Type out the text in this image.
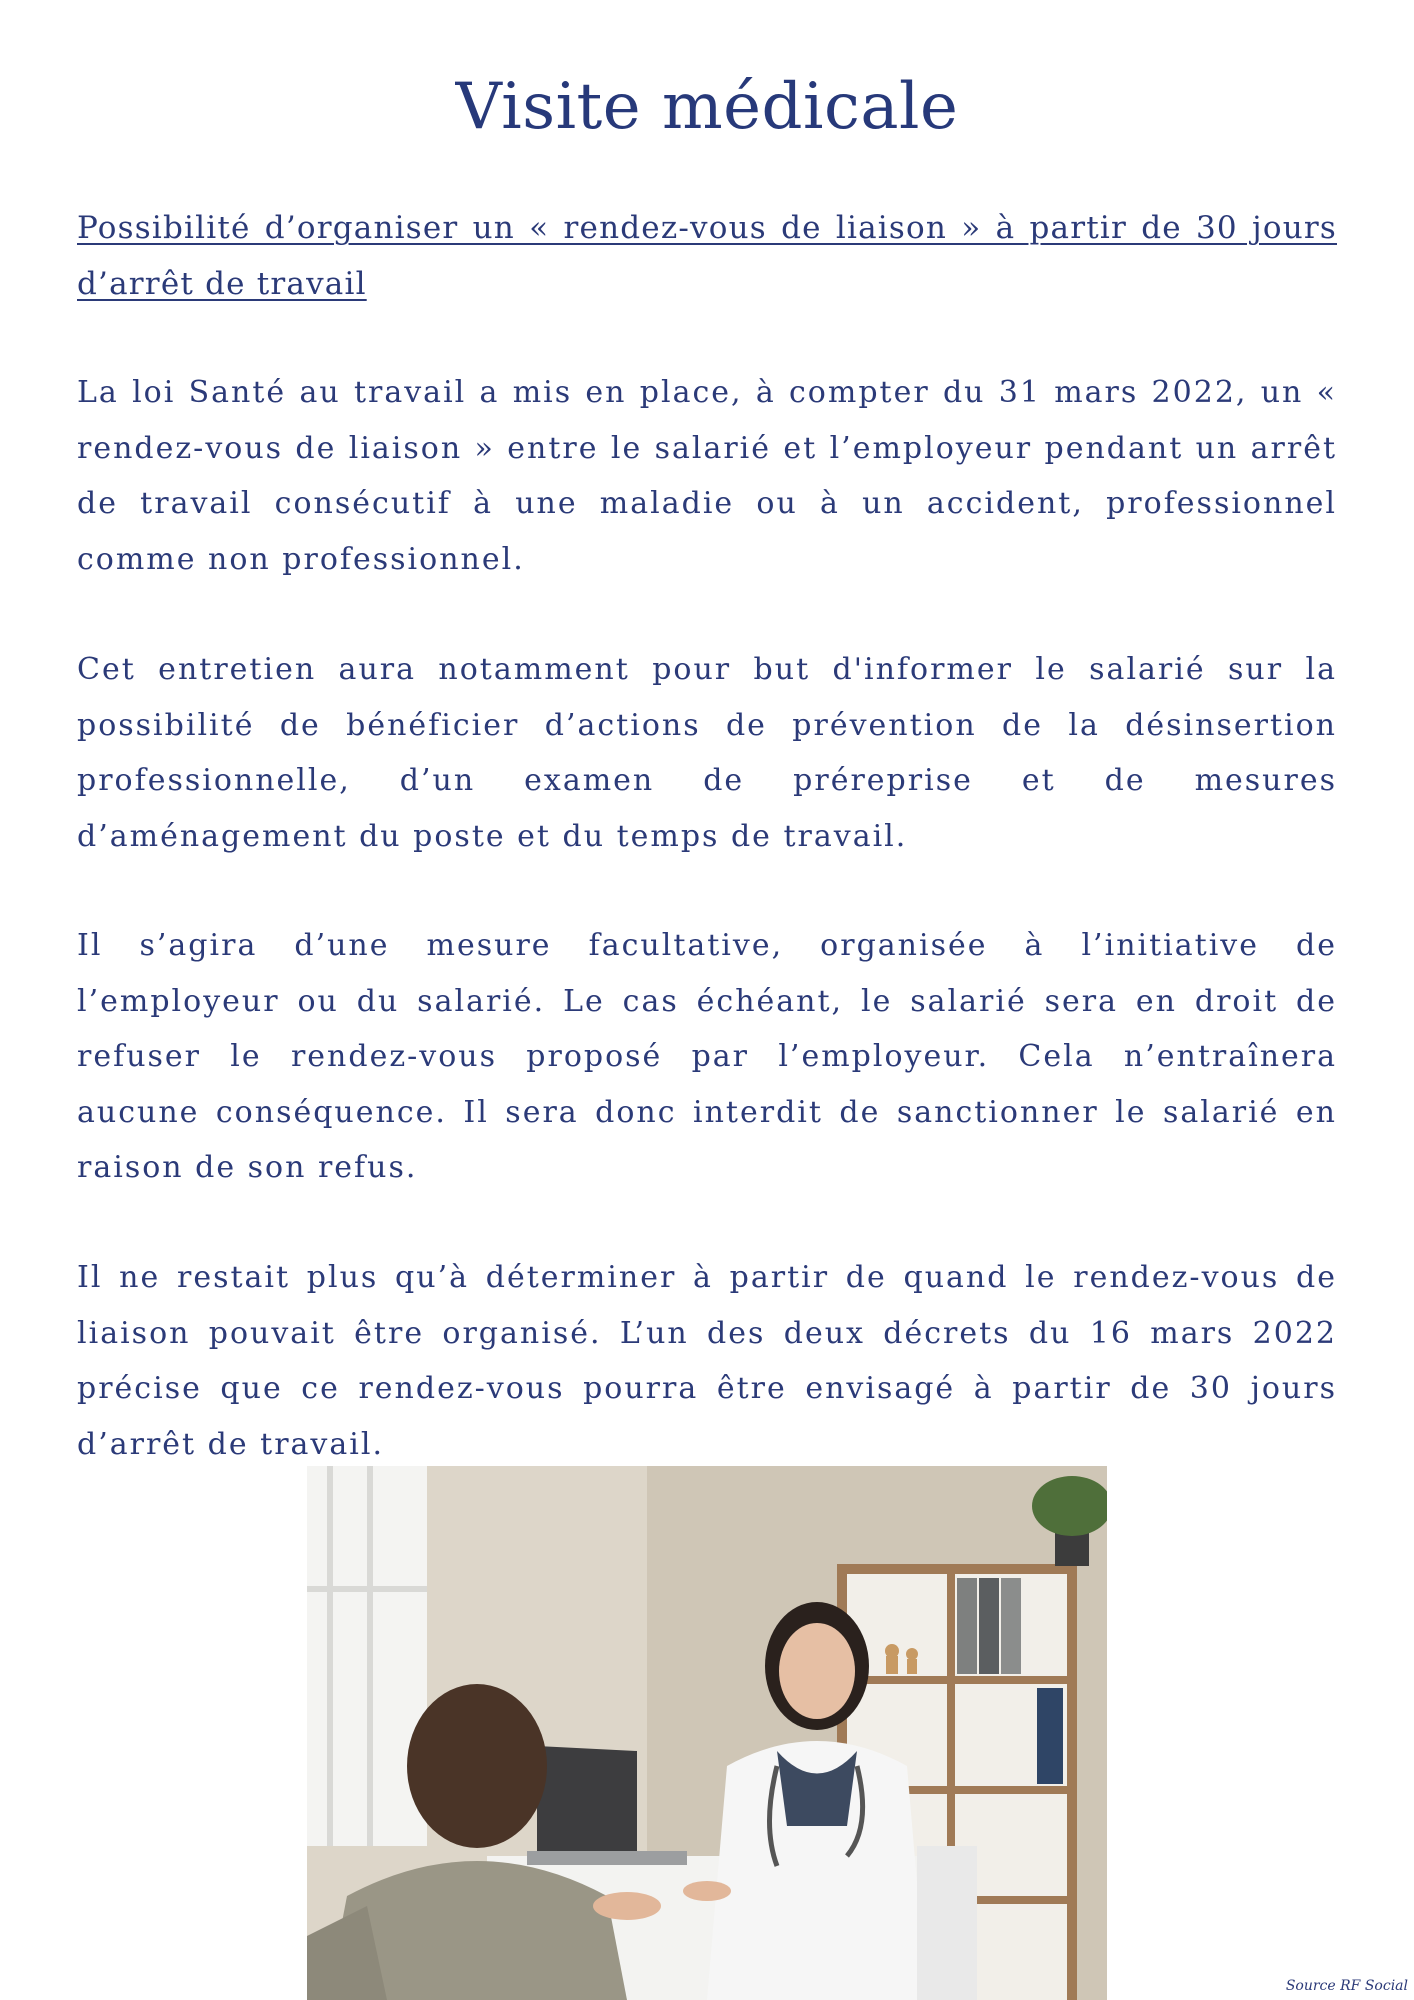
Visite médicale

Possibilité d’organiser un « rendez-vous de liaison » à partir de 30 jours d’arrêt de travail

La loi Santé au travail a mis en place, à compter du 31 mars 2022, un « rendez-vous de liaison » entre le salarié et l’employeur pendant un arrêt de travail consécutif à une maladie ou à un accident, professionnel comme non professionnel.

Cet entretien aura notamment pour but d'informer le salarié sur la possibilité de bénéficier d’actions de prévention de la désinsertion professionnelle, d’un examen de préreprise et de mesures d’aménagement du poste et du temps de travail.

Il s’agira d’une mesure facultative, organisée à l’initiative de l’employeur ou du salarié. Le cas échéant, le salarié sera en droit de refuser le rendez-vous proposé par l’employeur. Cela n’entraînera aucune conséquence. Il sera donc interdit de sanctionner le salarié en raison de son refus.

Il ne restait plus qu’à déterminer à partir de quand le rendez-vous de liaison pouvait être organisé. L’un des deux décrets du 16 mars 2022 précise que ce rendez-vous pourra être envisagé à partir de 30 jours d’arrêt de travail.

Source RF Social
